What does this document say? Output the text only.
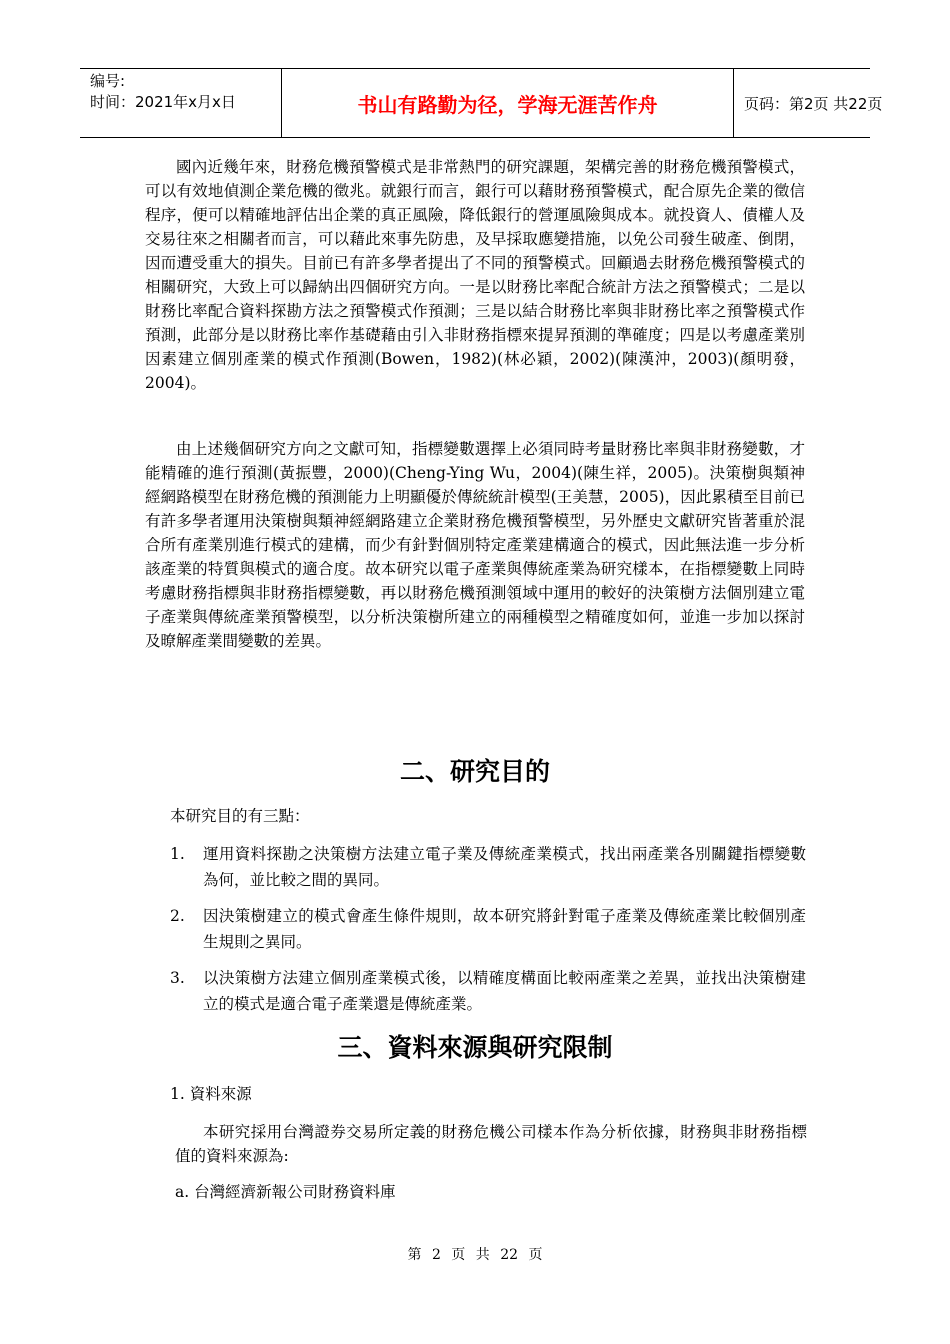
编号:
时间：2021年x月x日	书山有路勤为径，学海无涯苦作舟	页码：第2页 共22页

國內近幾年來，財務危機預警模式是非常熱門的研究課題，架構完善的財務危機預警模式，可以有效地偵測企業危機的徵兆。就銀行而言，銀行可以藉財務預警模式，配合原先企業的徵信程序，便可以精確地評估出企業的真正風險，降低銀行的營運風險與成本。就投資人、債權人及交易往來之相關者而言，可以藉此來事先防患，及早採取應變措施，以免公司發生破產、倒閉，因而遭受重大的損失。目前已有許多學者提出了不同的預警模式。回顧過去財務危機預警模式的相關研究，大致上可以歸納出四個研究方向。一是以財務比率配合統計方法之預警模式；二是以財務比率配合資料探勘方法之預警模式作預測；三是以結合財務比率與非財務比率之預警模式作預測，此部分是以財務比率作基礎藉由引入非財務指標來提昇預測的準確度；四是以考慮產業別因素建立個別產業的模式作預測(Bowen，1982)(林必穎，2002)(陳漢沖，2003)(顏明發，2004)。

由上述幾個研究方向之文獻可知，指標變數選擇上必須同時考量財務比率與非財務變數，才能精確的進行預測(黃振豐，2000)(Cheng-Ying Wu，2004)(陳生祥，2005)。決策樹與類神經網路模型在財務危機的預測能力上明顯優於傳統統計模型(王美慧，2005)，因此累積至目前已有許多學者運用決策樹與類神經網路建立企業財務危機預警模型，另外歷史文獻研究皆著重於混合所有產業別進行模式的建構，而少有針對個別特定產業建構適合的模式，因此無法進一步分析該產業的特質與模式的適合度。故本研究以電子產業與傳統產業為研究樣本，在指標變數上同時考慮財務指標與非財務指標變數，再以財務危機預測領域中運用的較好的決策樹方法個別建立電子產業與傳統產業預警模型，以分析決策樹所建立的兩種模型之精確度如何，並進一步加以探討及暸解產業間變數的差異。

二、研究目的

本研究目的有三點：

1. 運用資料探勘之決策樹方法建立電子業及傳統產業模式，找出兩產業各別關鍵指標變數為何，並比較之間的異同。
2. 因決策樹建立的模式會產生條件規則，故本研究將針對電子產業及傳統產業比較個別產生規則之異同。
3. 以決策樹方法建立個別產業模式後，以精確度構面比較兩產業之差異，並找出決策樹建立的模式是適合電子產業還是傳統產業。
三、資料來源與研究限制

1. 資料來源

本研究採用台灣證券交易所定義的財務危機公司樣本作為分析依據，財務與非財務指標值的資料來源為:

a. 台灣經濟新報公司財務資料庫

第 2 页 共 22 页
